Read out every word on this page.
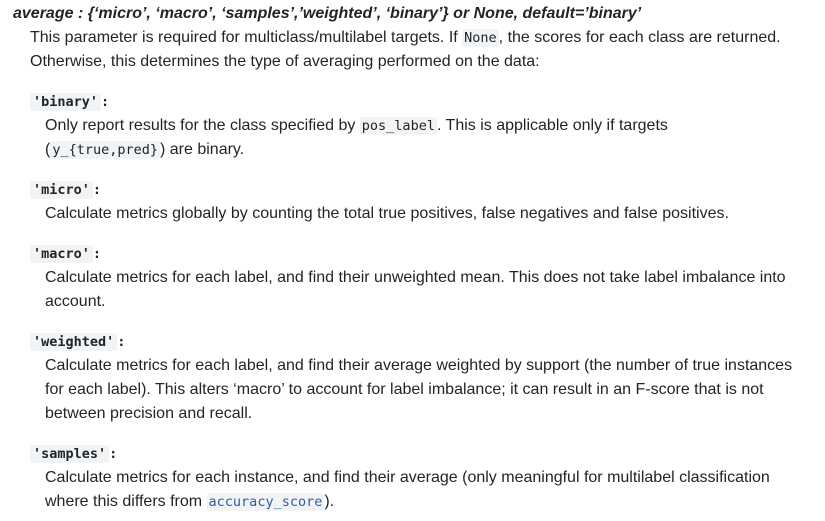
average : {‘micro’, ‘macro’, ‘samples’,’weighted’, ‘binary’} or None, default=’binary’

This parameter is required for multiclass/multilabel targets. If None , the scores for each class are returned. Otherwise, this determines the type of averaging performed on the data:

'binary' :
Only report results for the class specified by pos_label . This is applicable only if targets
( y_{true,pred} ) are binary.
'micro' :
Calculate metrics globally by counting the total true positives, false negatives and false positives.
'macro' :
Calculate metrics for each label, and find their unweighted mean. This does not take label imbalance into account.
'weighted' :
Calculate metrics for each label, and find their average weighted by support (the number of true instances for each label). This alters ‘macro’ to account for label imbalance; it can result in an F-score that is not between precision and recall.
'samples' :
Calculate metrics for each instance, and find their average (only meaningful for multilabel classification where this differs from accuracy_score ).
